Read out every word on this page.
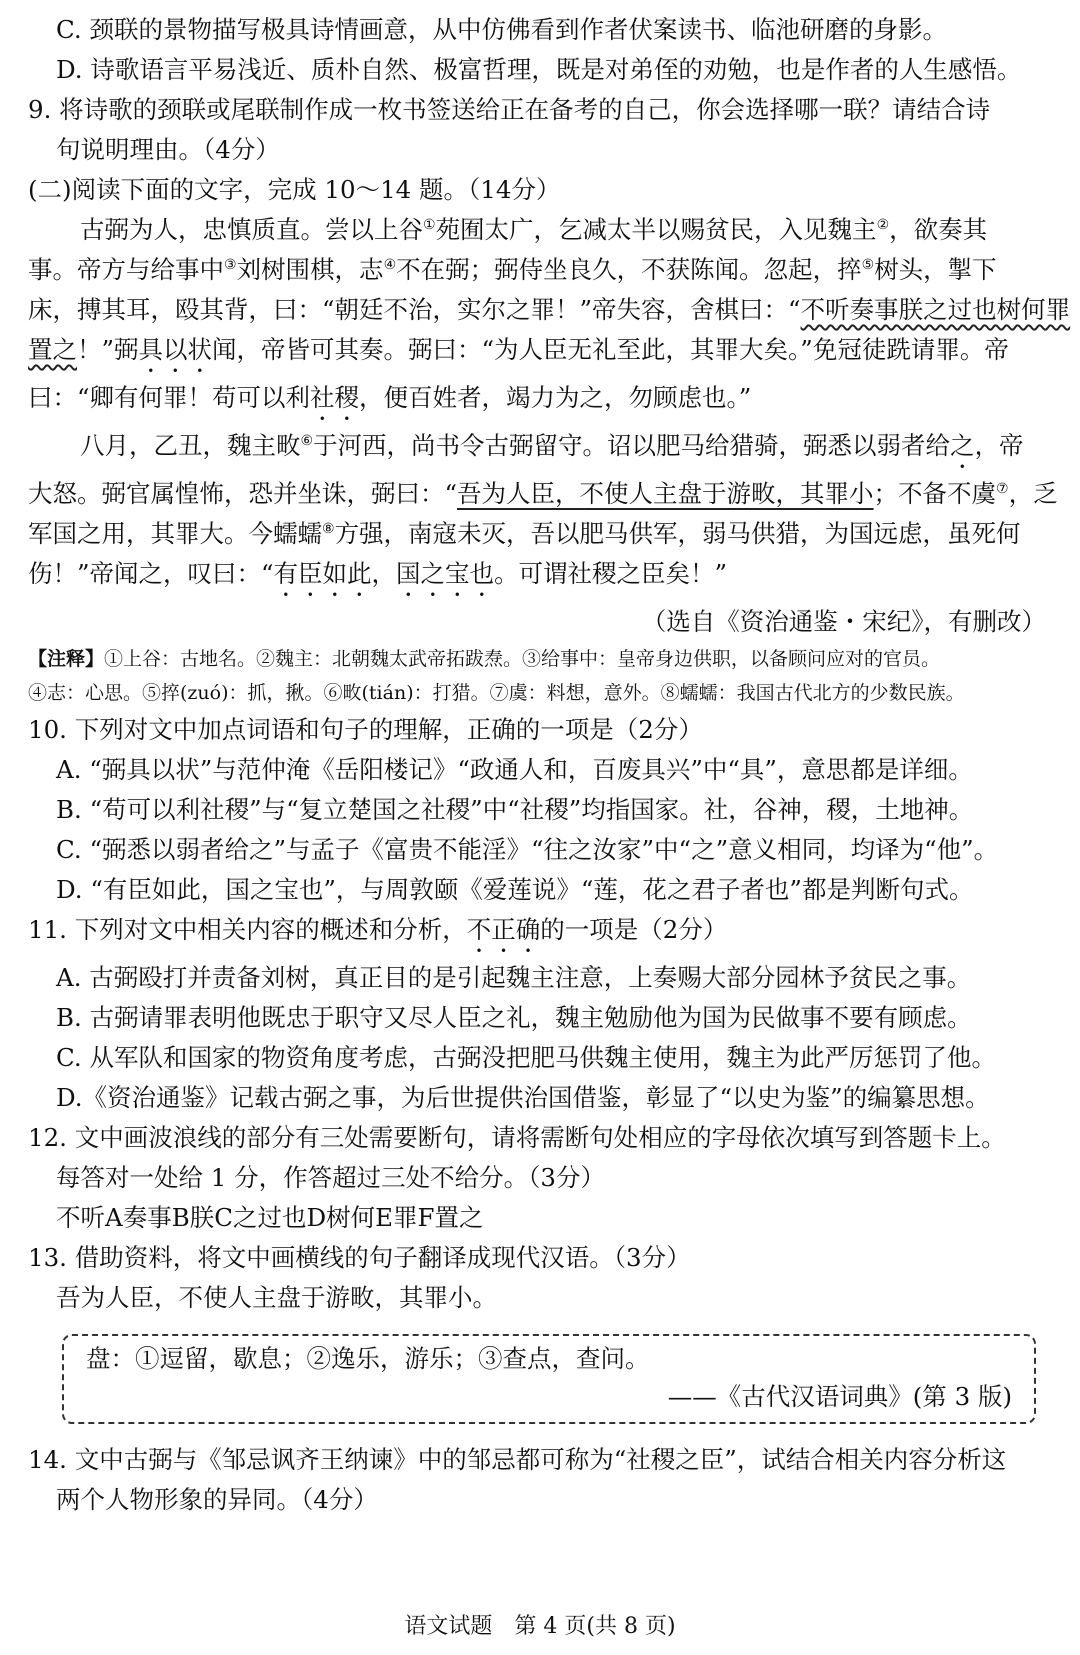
C. 颈联的景物描写极具诗情画意，从中仿佛看到作者伏案读书、临池研磨的身影。
D. 诗歌语言平易浅近、质朴自然、极富哲理，既是对弟侄的劝勉，也是作者的人生感悟。
9. 将诗歌的颈联或尾联制作成一枚书签送给正在备考的自己，你会选择哪一联？请结合诗
句说明理由。（4分）
(二)阅读下面的文字，完成 10～14 题。（14分）
古弼为人，忠慎质直。尝以上谷①苑囿太广，乞减太半以赐贫民，入见魏主②，欲奏其
事。帝方与给事中③刘树围棋，志④不在弼；弼侍坐良久，不获陈闻。忽起，捽⑤树头，掣下
床，搏其耳，殴其背，曰：“朝廷不治，实尔之罪！”帝失容，舍棋曰：“不听奏事朕之过也树何罪
置之！”弼具以状闻，帝皆可其奏。弼曰：“为人臣无礼至此，其罪大矣。”免冠徒跣请罪。帝
曰：“卿有何罪！苟可以利社稷，便百姓者，竭力为之，勿顾虑也。”
八月，乙丑，魏主畋⑥于河西，尚书令古弼留守。诏以肥马给猎骑，弼悉以弱者给之，帝
大怒。弼官属惶怖，恐并坐诛，弼曰：“吾为人臣，不使人主盘于游畋，其罪小；不备不虞⑦，乏
军国之用，其罪大。今蠕蠕⑧方强，南寇未灭，吾以肥马供军，弱马供猎，为国远虑，虽死何
伤！”帝闻之，叹曰：“有臣如此，国之宝也。可谓社稷之臣矣！”
（选自《资治通鉴・宋纪》，有删改）
【注释】①上谷：古地名。②魏主：北朝魏太武帝拓跋焘。③给事中：皇帝身边供职，以备顾问应对的官员。
④志：心思。⑤捽(zuó)：抓，揪。⑥畋(tián)：打猎。⑦虞：料想，意外。⑧蠕蠕：我国古代北方的少数民族。
10. 下列对文中加点词语和句子的理解，正确的一项是（2分）
A. “弼具以状”与范仲淹《岳阳楼记》“政通人和，百废具兴”中“具”，意思都是详细。
B. “苟可以利社稷”与“复立楚国之社稷”中“社稷”均指国家。社，谷神，稷，土地神。
C. “弼悉以弱者给之”与孟子《富贵不能淫》“往之汝家”中“之”意义相同，均译为“他”。
D. “有臣如此，国之宝也”，与周敦颐《爱莲说》“莲，花之君子者也”都是判断句式。
11. 下列对文中相关内容的概述和分析，不正确的一项是（2分）
A. 古弼殴打并责备刘树，真正目的是引起魏主注意，上奏赐大部分园林予贫民之事。
B. 古弼请罪表明他既忠于职守又尽人臣之礼，魏主勉励他为国为民做事不要有顾虑。
C. 从军队和国家的物资角度考虑，古弼没把肥马供魏主使用，魏主为此严厉惩罚了他。
D.《资治通鉴》记载古弼之事，为后世提供治国借鉴，彰显了“以史为鉴”的编纂思想。
12. 文中画波浪线的部分有三处需要断句，请将需断句处相应的字母依次填写到答题卡上。
每答对一处给 1 分，作答超过三处不给分。（3分）
不听A奏事B朕C之过也D树何E罪F置之
13. 借助资料，将文中画横线的句子翻译成现代汉语。（3分）
吾为人臣，不使人主盘于游畋，其罪小。
盘：①逗留，歇息；②逸乐，游乐；③查点，查问。
——《古代汉语词典》(第 3 版)
14. 文中古弼与《邹忌讽齐王纳谏》中的邹忌都可称为“社稷之臣”，试结合相关内容分析这
两个人物形象的异同。（4分）
语文试题　第 4 页(共 8 页)
